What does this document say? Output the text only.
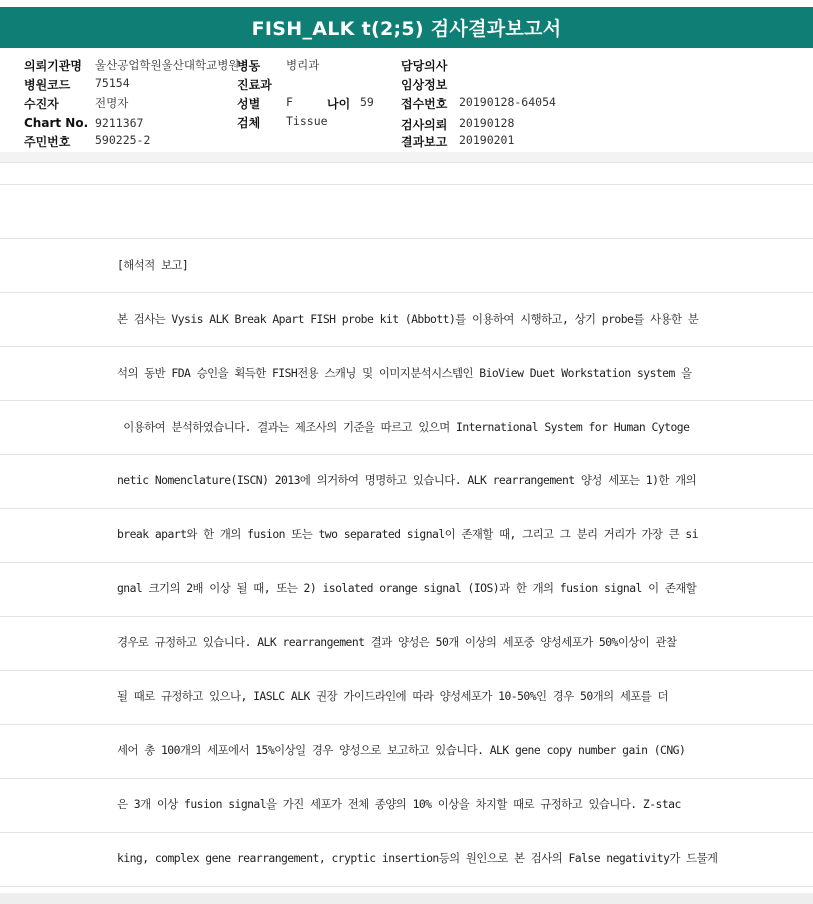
FISH_ALK t(2;5) 검사결과보고서
의뢰기관명 울산공업학원울산대학교병원
병원코드 75154
수진자	전명자
Chart No. 9211367
주민번호 590225-2
병동 병리과
진료과
성별 F	나이 59
검체 Tissue
담당의사
임상정보
접수번호 20190128-64054
검사의뢰 20190128
결과보고 20190201
[해석적 보고]
본 검사는 Vysis ALK Break Apart FISH probe kit (Abbott)를 이용하여 시행하고, 상기 probe를 사용한 분
석의 동반 FDA 승인을 획득한 FISH전용 스캐닝 및 이미지분석시스템인 BioView Duet Workstation system 을
이용하여 분석하였습니다. 결과는 제조사의 기준을 따르고 있으며 International System for Human Cytoge
netic Nomenclature(ISCN) 2013에 의거하여 명명하고 있습니다. ALK rearrangement 양성 세포는 1)한 개의
break apart와 한 개의 fusion 또는 two separated signal이 존재할 때, 그리고 그 분리 거리가 가장 큰 si
gnal 크기의 2배 이상 될 때, 또는 2) isolated orange signal (IOS)과 한 개의 fusion signal 이 존재할
경우로 규정하고 있습니다. ALK rearrangement 결과 양성은 50개 이상의 세포중 양성세포가 50%이상이 관찰
될 때로 규정하고 있으나, IASLC ALK 권장 가이드라인에 따라 양성세포가 10-50%인 경우 50개의 세포를 더
세어 총 100개의 세포에서 15%이상일 경우 양성으로 보고하고 있습니다. ALK gene copy number gain (CNG)
은 3개 이상 fusion signal을 가진 세포가 전체 종양의 10% 이상을 차지할 때로 규정하고 있습니다. Z-stac
king, complex gene rearrangement, cryptic insertion등의 원인으로 본 검사의 False negativity가 드물게
